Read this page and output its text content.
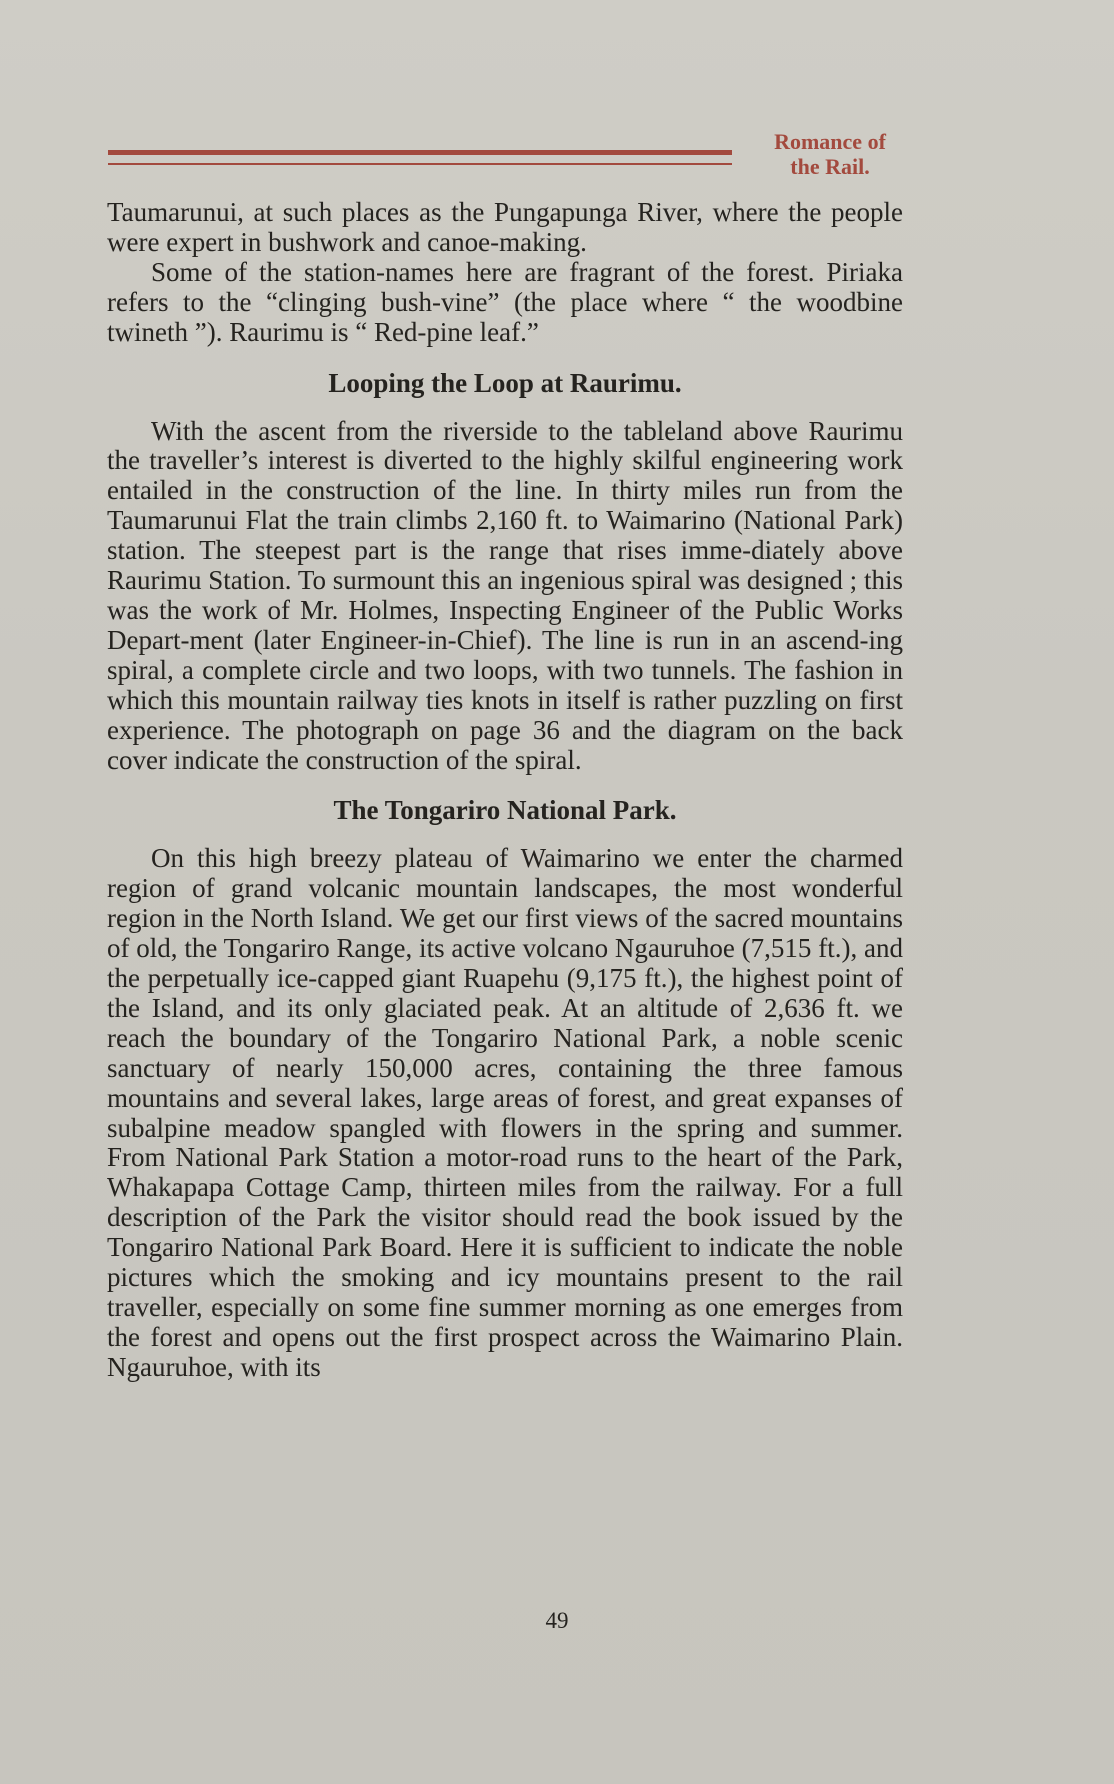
Romance of
the Rail.

Taumarunui, at such places as the Pungapunga River, where the people were expert in bushwork and canoe-making.

Some of the station-names here are fragrant of the forest. Piriaka refers to the “clinging bush-vine” (the place where “ the woodbine twineth ”). Raurimu is “ Red-pine leaf.”

Looping the Loop at Raurimu.

With the ascent from the riverside to the tableland above Raurimu the traveller’s interest is diverted to the highly skilful engineering work entailed in the construction of the line. In thirty miles run from the Taumarunui Flat the train climbs 2,160 ft. to Waimarino (National Park) station. The steepest part is the range that rises imme-diately above Raurimu Station. To surmount this an ingenious spiral was designed ; this was the work of Mr. Holmes, Inspecting Engineer of the Public Works Depart-ment (later Engineer-in-Chief). The line is run in an ascend-ing spiral, a complete circle and two loops, with two tunnels. The fashion in which this mountain railway ties knots in itself is rather puzzling on first experience. The photograph on page 36 and the diagram on the back cover indicate the construction of the spiral.

The Tongariro National Park.

On this high breezy plateau of Waimarino we enter the charmed region of grand volcanic mountain landscapes, the most wonderful region in the North Island. We get our first views of the sacred mountains of old, the Tongariro Range, its active volcano Ngauruhoe (7,515 ft.), and the perpetually ice-capped giant Ruapehu (9,175 ft.), the highest point of the Island, and its only glaciated peak. At an altitude of 2,636 ft. we reach the boundary of the Tongariro National Park, a noble scenic sanctuary of nearly 150,000 acres, containing the three famous mountains and several lakes, large areas of forest, and great expanses of subalpine meadow spangled with flowers in the spring and summer. From National Park Station a motor-road runs to the heart of the Park, Whakapapa Cottage Camp, thirteen miles from the railway. For a full description of the Park the visitor should read the book issued by the Tongariro National Park Board. Here it is sufficient to indicate the noble pictures which the smoking and icy mountains present to the rail traveller, especially on some fine summer morning as one emerges from the forest and opens out the first prospect across the Waimarino Plain. Ngauruhoe, with its

49
